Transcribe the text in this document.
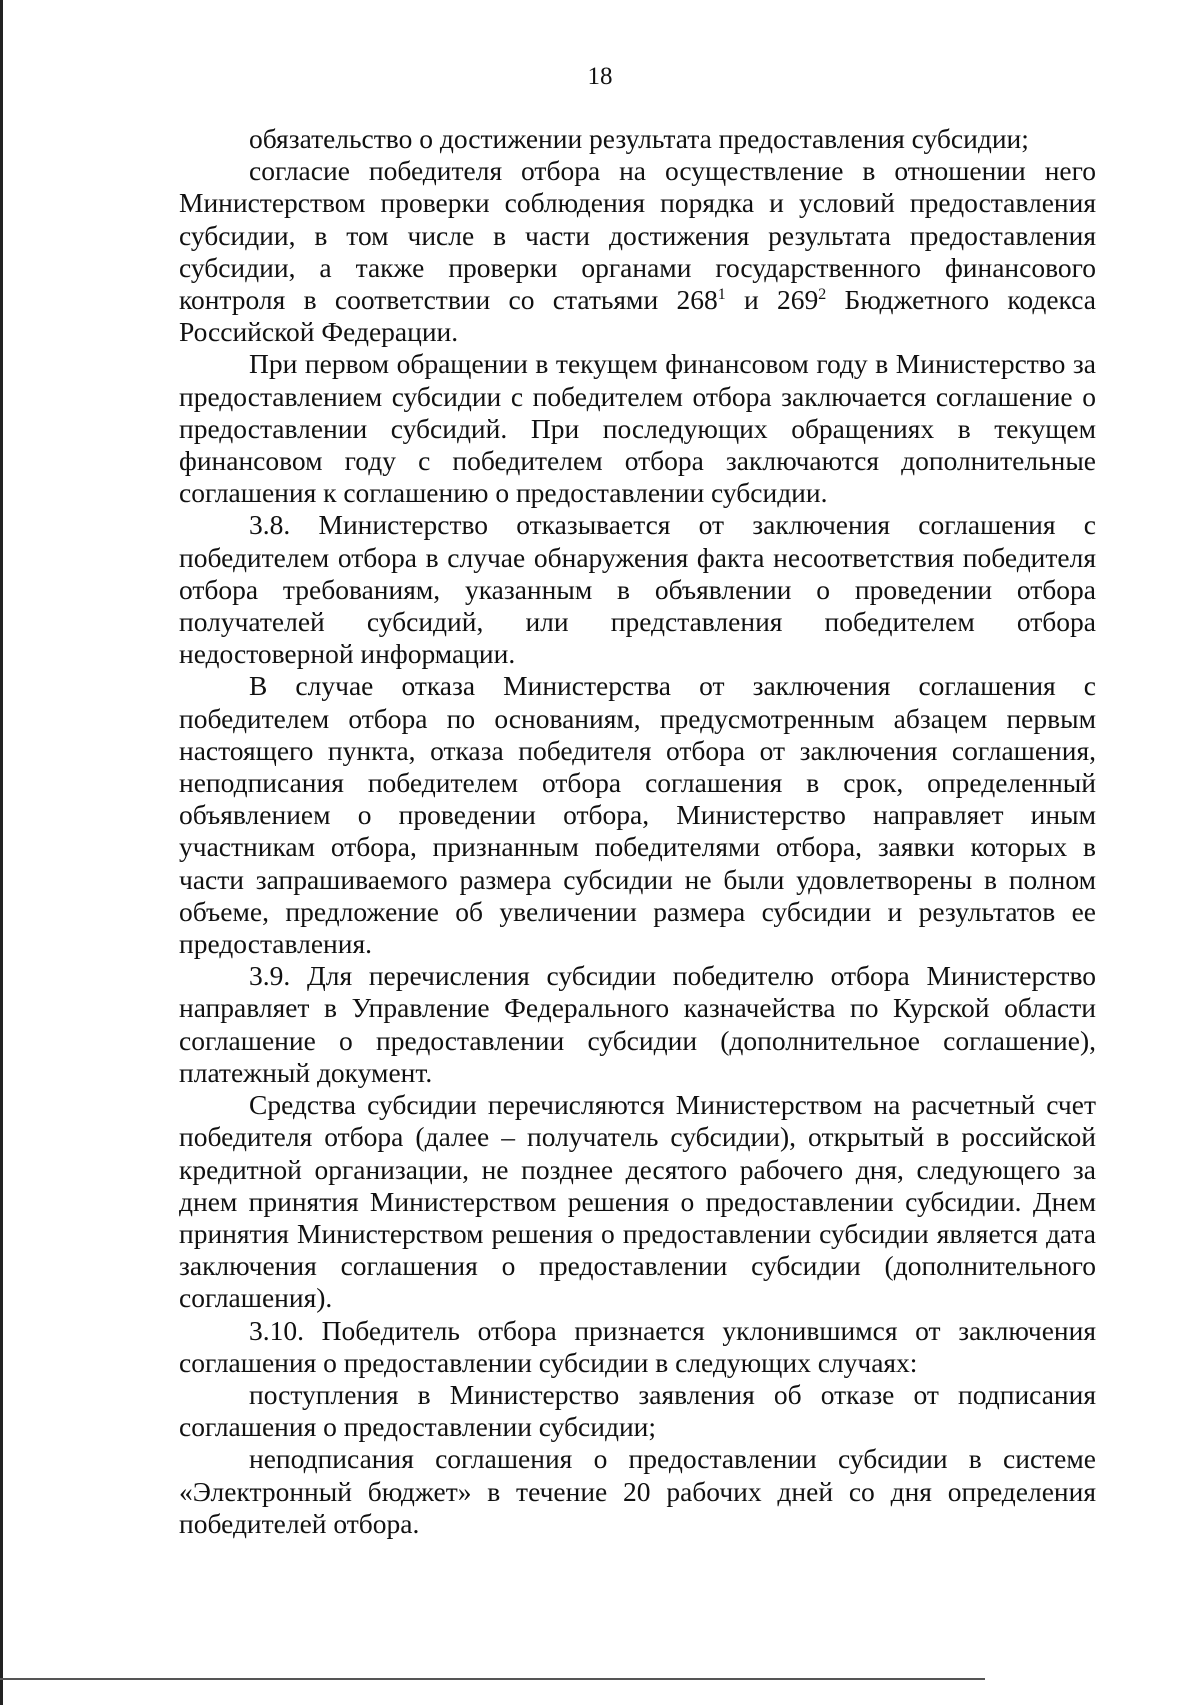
18

обязательство о достижении результата предоставления субсидии;

согласие победителя отбора на осуществление в отношении него Министерством проверки соблюдения порядка и условий предоставления субсидии, в том числе в части достижения результата предоставления субсидии, а также проверки органами государственного финансового контроля в соответствии со статьями $268^1$ и $269^2$ Бюджетного кодекса Российской Федерации.

При первом обращении в текущем финансовом году в Министерство за предоставлением субсидии с победителем отбора заключается соглашение о предоставлении субсидий. При последующих обращениях в текущем финансовом году с победителем отбора заключаются дополнительные соглашения к соглашению о предоставлении субсидии.

3.8. Министерство отказывается от заключения соглашения с победителем отбора в случае обнаружения факта несоответствия победителя отбора требованиям, указанным в объявлении о проведении отбора получателей субсидий, или представления победителем отбора недостоверной информации.

В случае отказа Министерства от заключения соглашения с победителем отбора по основаниям, предусмотренным абзацем первым настоящего пункта, отказа победителя отбора от заключения соглашения, неподписания победителем отбора соглашения в срок, определенный объявлением о проведении отбора, Министерство направляет иным участникам отбора, признанным победителями отбора, заявки которых в части запрашиваемого размера субсидии не были удовлетворены в полном объеме, предложение об увеличении размера субсидии и результатов ее предоставления.

3.9. Для перечисления субсидии победителю отбора Министерство направляет в Управление Федерального казначейства по Курской области соглашение о предоставлении субсидии (дополнительное соглашение), платежный документ.

Средства субсидии перечисляются Министерством на расчетный счет победителя отбора (далее – получатель субсидии), открытый в российской кредитной организации, не позднее десятого рабочего дня, следующего за днем принятия Министерством решения о предоставлении субсидии. Днем принятия Министерством решения о предоставлении субсидии является дата заключения соглашения о предоставлении субсидии (дополнительного соглашения).

3.10. Победитель отбора признается уклонившимся от заключения соглашения о предоставлении субсидии в следующих случаях:

поступления в Министерство заявления об отказе от подписания соглашения о предоставлении субсидии;

неподписания соглашения о предоставлении субсидии в системе «Электронный бюджет» в течение 20 рабочих дней со дня определения победителей отбора.
